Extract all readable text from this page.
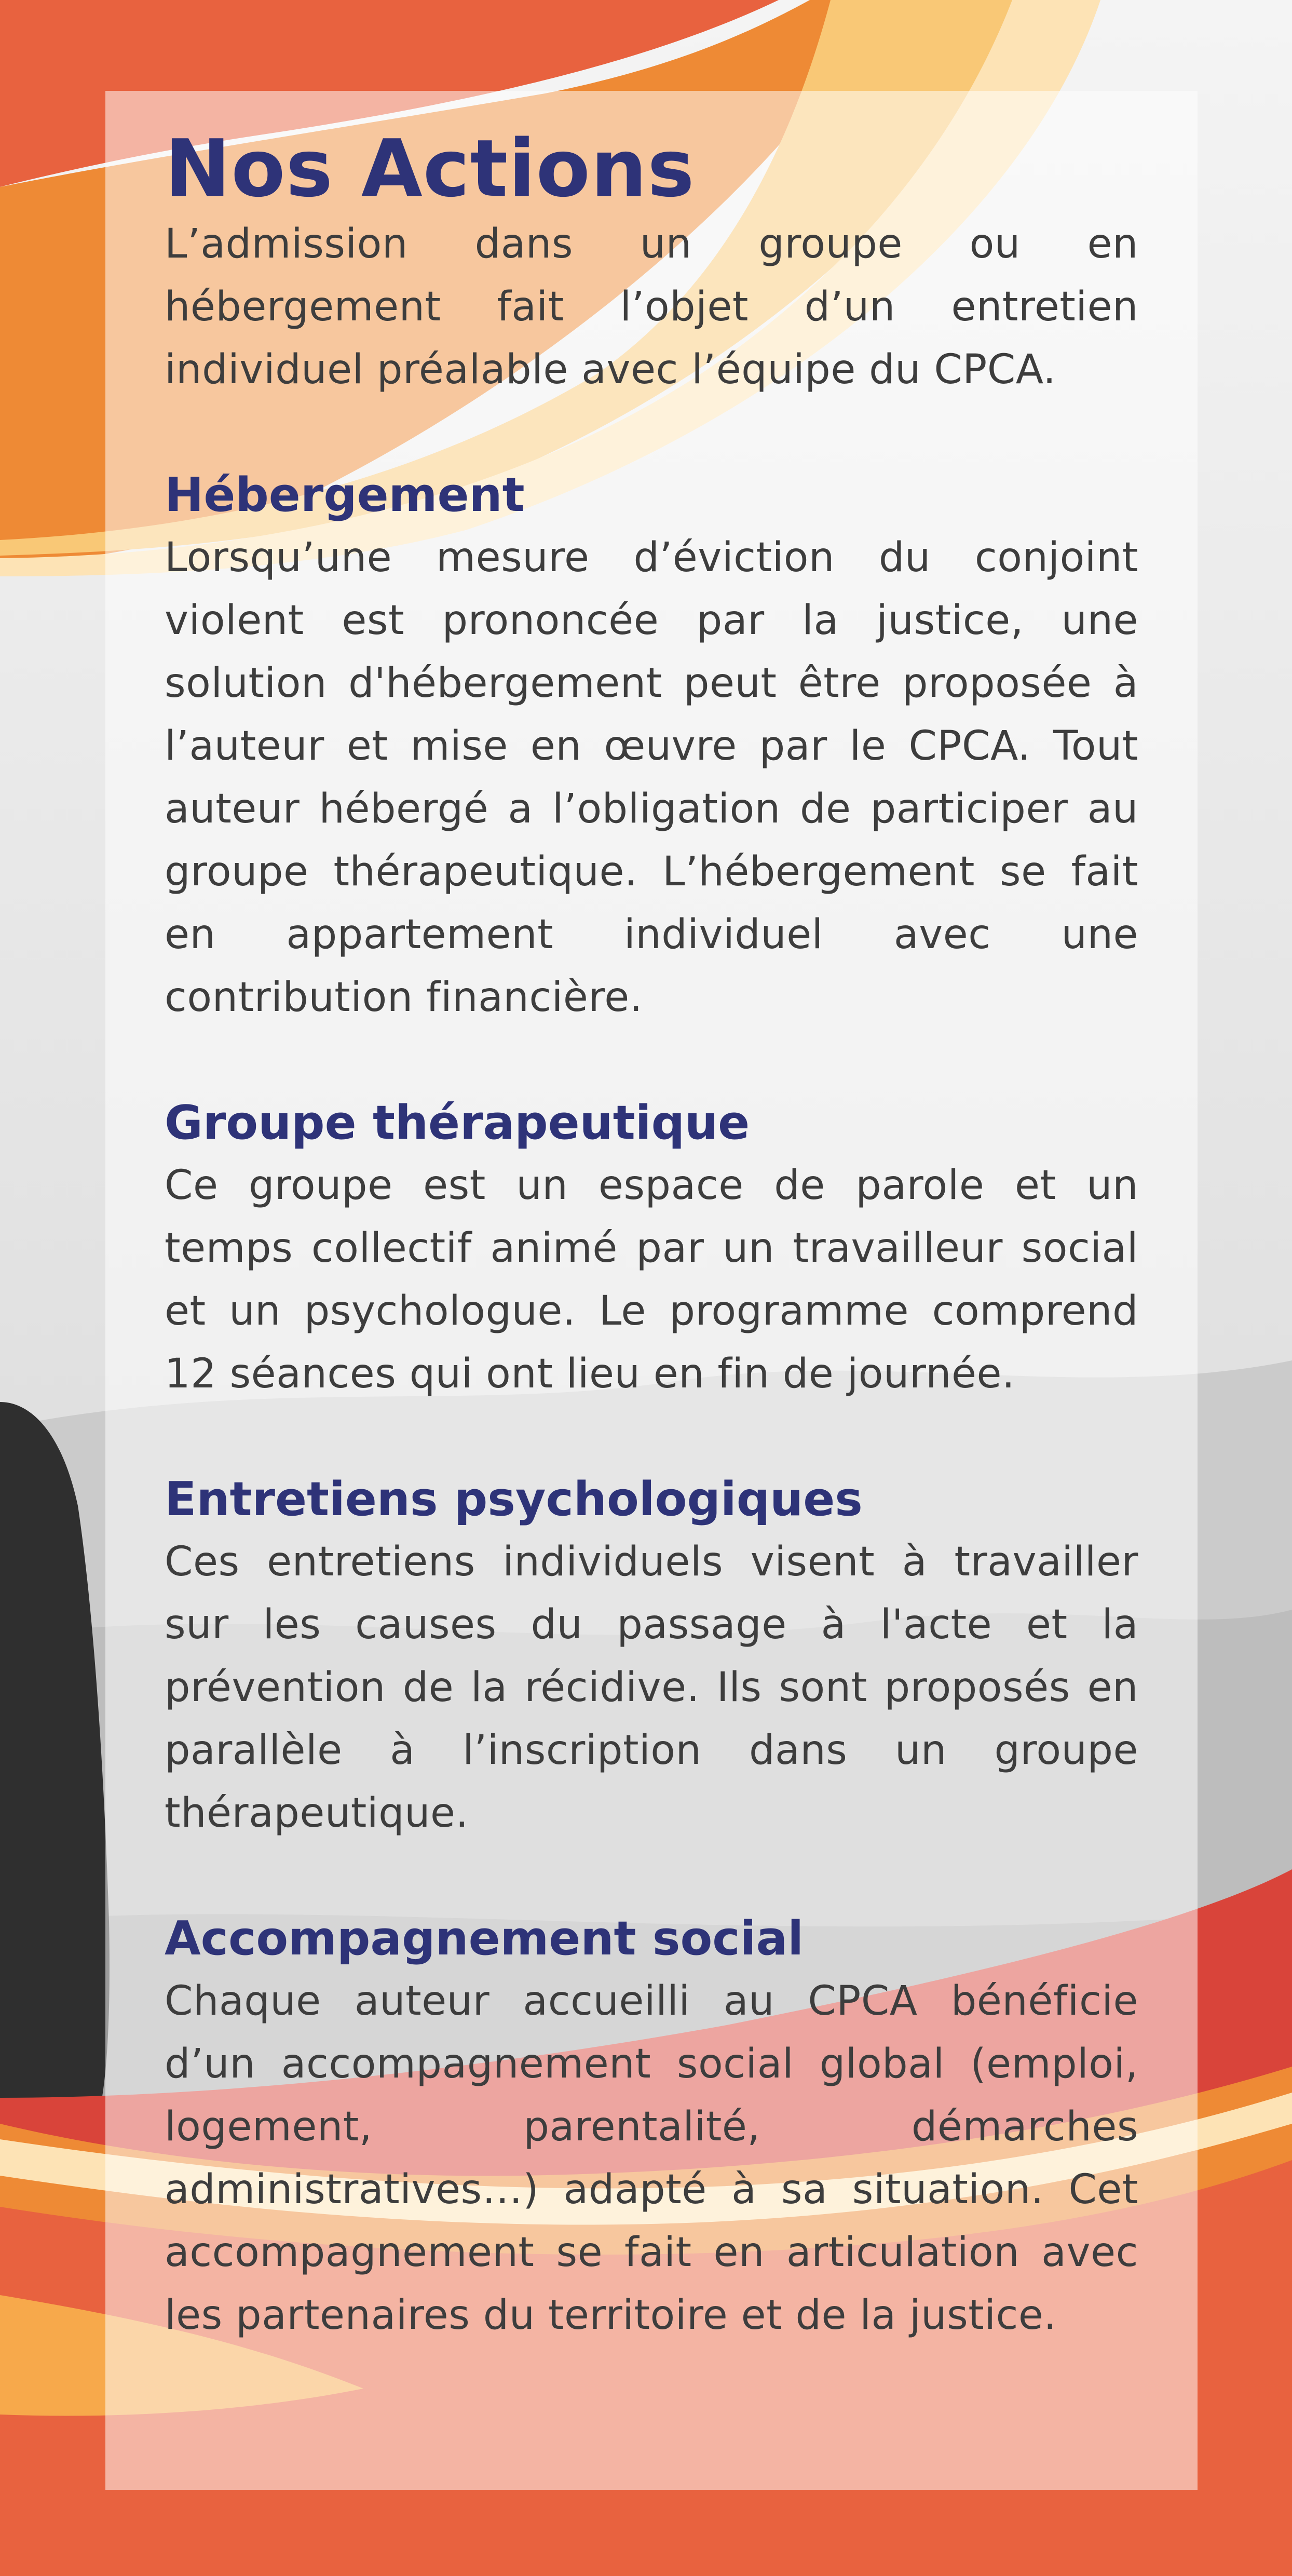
Nos Actions

L’admission dans un groupe ou en hébergement fait l’objet d’un entretien individuel préalable avec l’équipe du CPCA.

Hébergement

Lorsqu’une mesure d’éviction du conjoint violent est prononcée par la justice, une solution d'hébergement peut être proposée à l’auteur et mise en œuvre par le CPCA. Tout auteur hébergé a l’obligation de participer au groupe thérapeutique. L’hébergement se fait en appartement individuel avec une contribution financière.

Groupe thérapeutique

Ce groupe est un espace de parole et un temps collectif animé par un travailleur social et un psychologue. Le programme comprend 12 séances qui ont lieu en fin de journée.

Entretiens psychologiques

Ces entretiens individuels visent à travailler sur les causes du passage à l'acte et la prévention de la récidive. Ils sont proposés en parallèle à l’inscription dans un groupe thérapeutique.

Accompagnement social

Chaque auteur accueilli au CPCA bénéficie d’un accompagnement social global (emploi, logement, parentalité, démarches administratives…) adapté à sa situation. Cet accompagnement se fait en articulation avec les partenaires du territoire et de la justice.
